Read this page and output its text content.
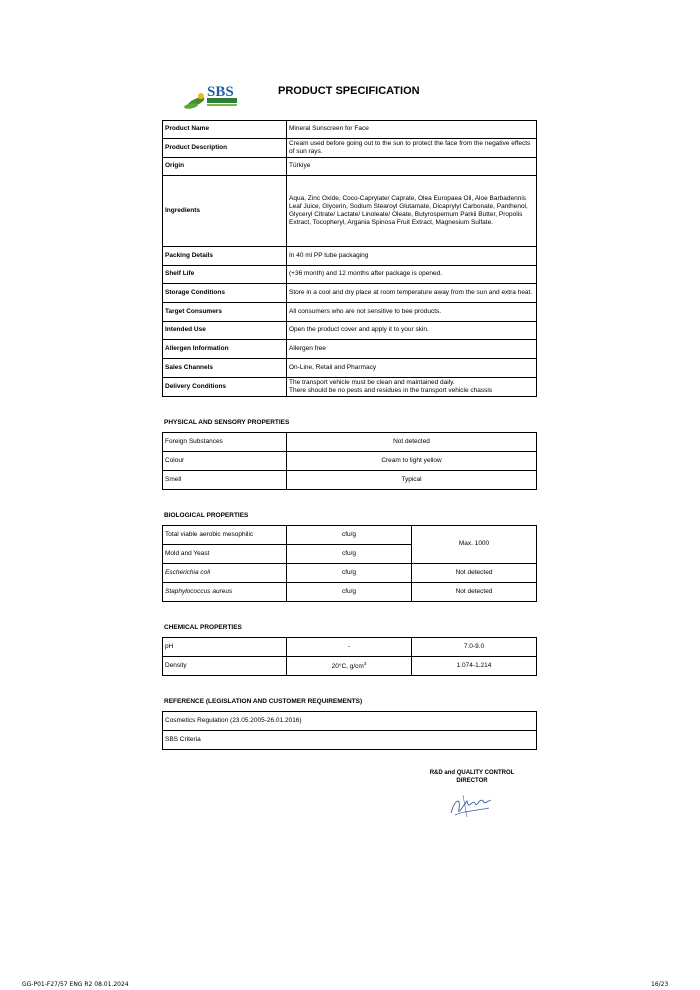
SBS	PRODUCT SPECIFICATION
Product Name	Mineral Sunscreen for Face
Product Description	Cream used before going out to the sun to protect the face from the negative effects of sun rays.
Origin	Türkiye
Ingredients	Aqua, Zinc Oxide, Coco-Caprylate/ Caprate, Olea Europaea Oil, Aloe Barbadennis Leaf Juice, Glycerin, Sodium Stearoyl Glutamate, Dicaprylyl Carbonate, Panthenol, Glyceryl Citrate/ Lactate/ Linoleate/ Oleate, Butyrospemum Parkii Butter, Propolis Extract, Tocopheryl, Argania Spinosa Fruit Extract, Magnesium Sulfate.
Packing Details	In 40 ml PP tube packaging
Shelf Life	(+36 month) and 12 months after package is opened.
Storage Conditions	Store in a cool and dry place at room temperature away from the sun and extra heat.
Target Consumers	All consumers who are not sensitive to bee products.
Intended Use	Open the product cover and apply it to your skin.
Allergen Information	Allergen free
Sales Channels	On-Line, Retail and Pharmacy
Delivery Conditions	The transport vehicle must be clean and maintained daily.
There should be no pests and residues in the transport vehicle chassis
PHYSICAL AND SENSORY PROPERTIES
Foreign Substances	Not detected
Colour	Cream to light yellow
Smell	Typical
BIOLOGICAL PROPERTIES
Total viable aerobic mesophilic	cfu/g	Max. 1000
Mold and Yeast	cfu/g	
Escherichia coli	cfu/g	Not detected
Staphylococcus aureus	cfu/g	Not detected
CHEMICAL PROPERTIES
pH	-	7.0-9.0
Density	20°C, $g/cm^3$	1.074-1.214
REFERENCE (LEGISLATION AND CUSTOMER REQUIREMENTS)
Cosmetics Regulation (23.05.2005-26.01.2016)
SBS Criteria
R&D and QUALITY CONTROL
DIRECTOR
GG-P01-F27/57 ENG R2 08.01.2024	16/23
